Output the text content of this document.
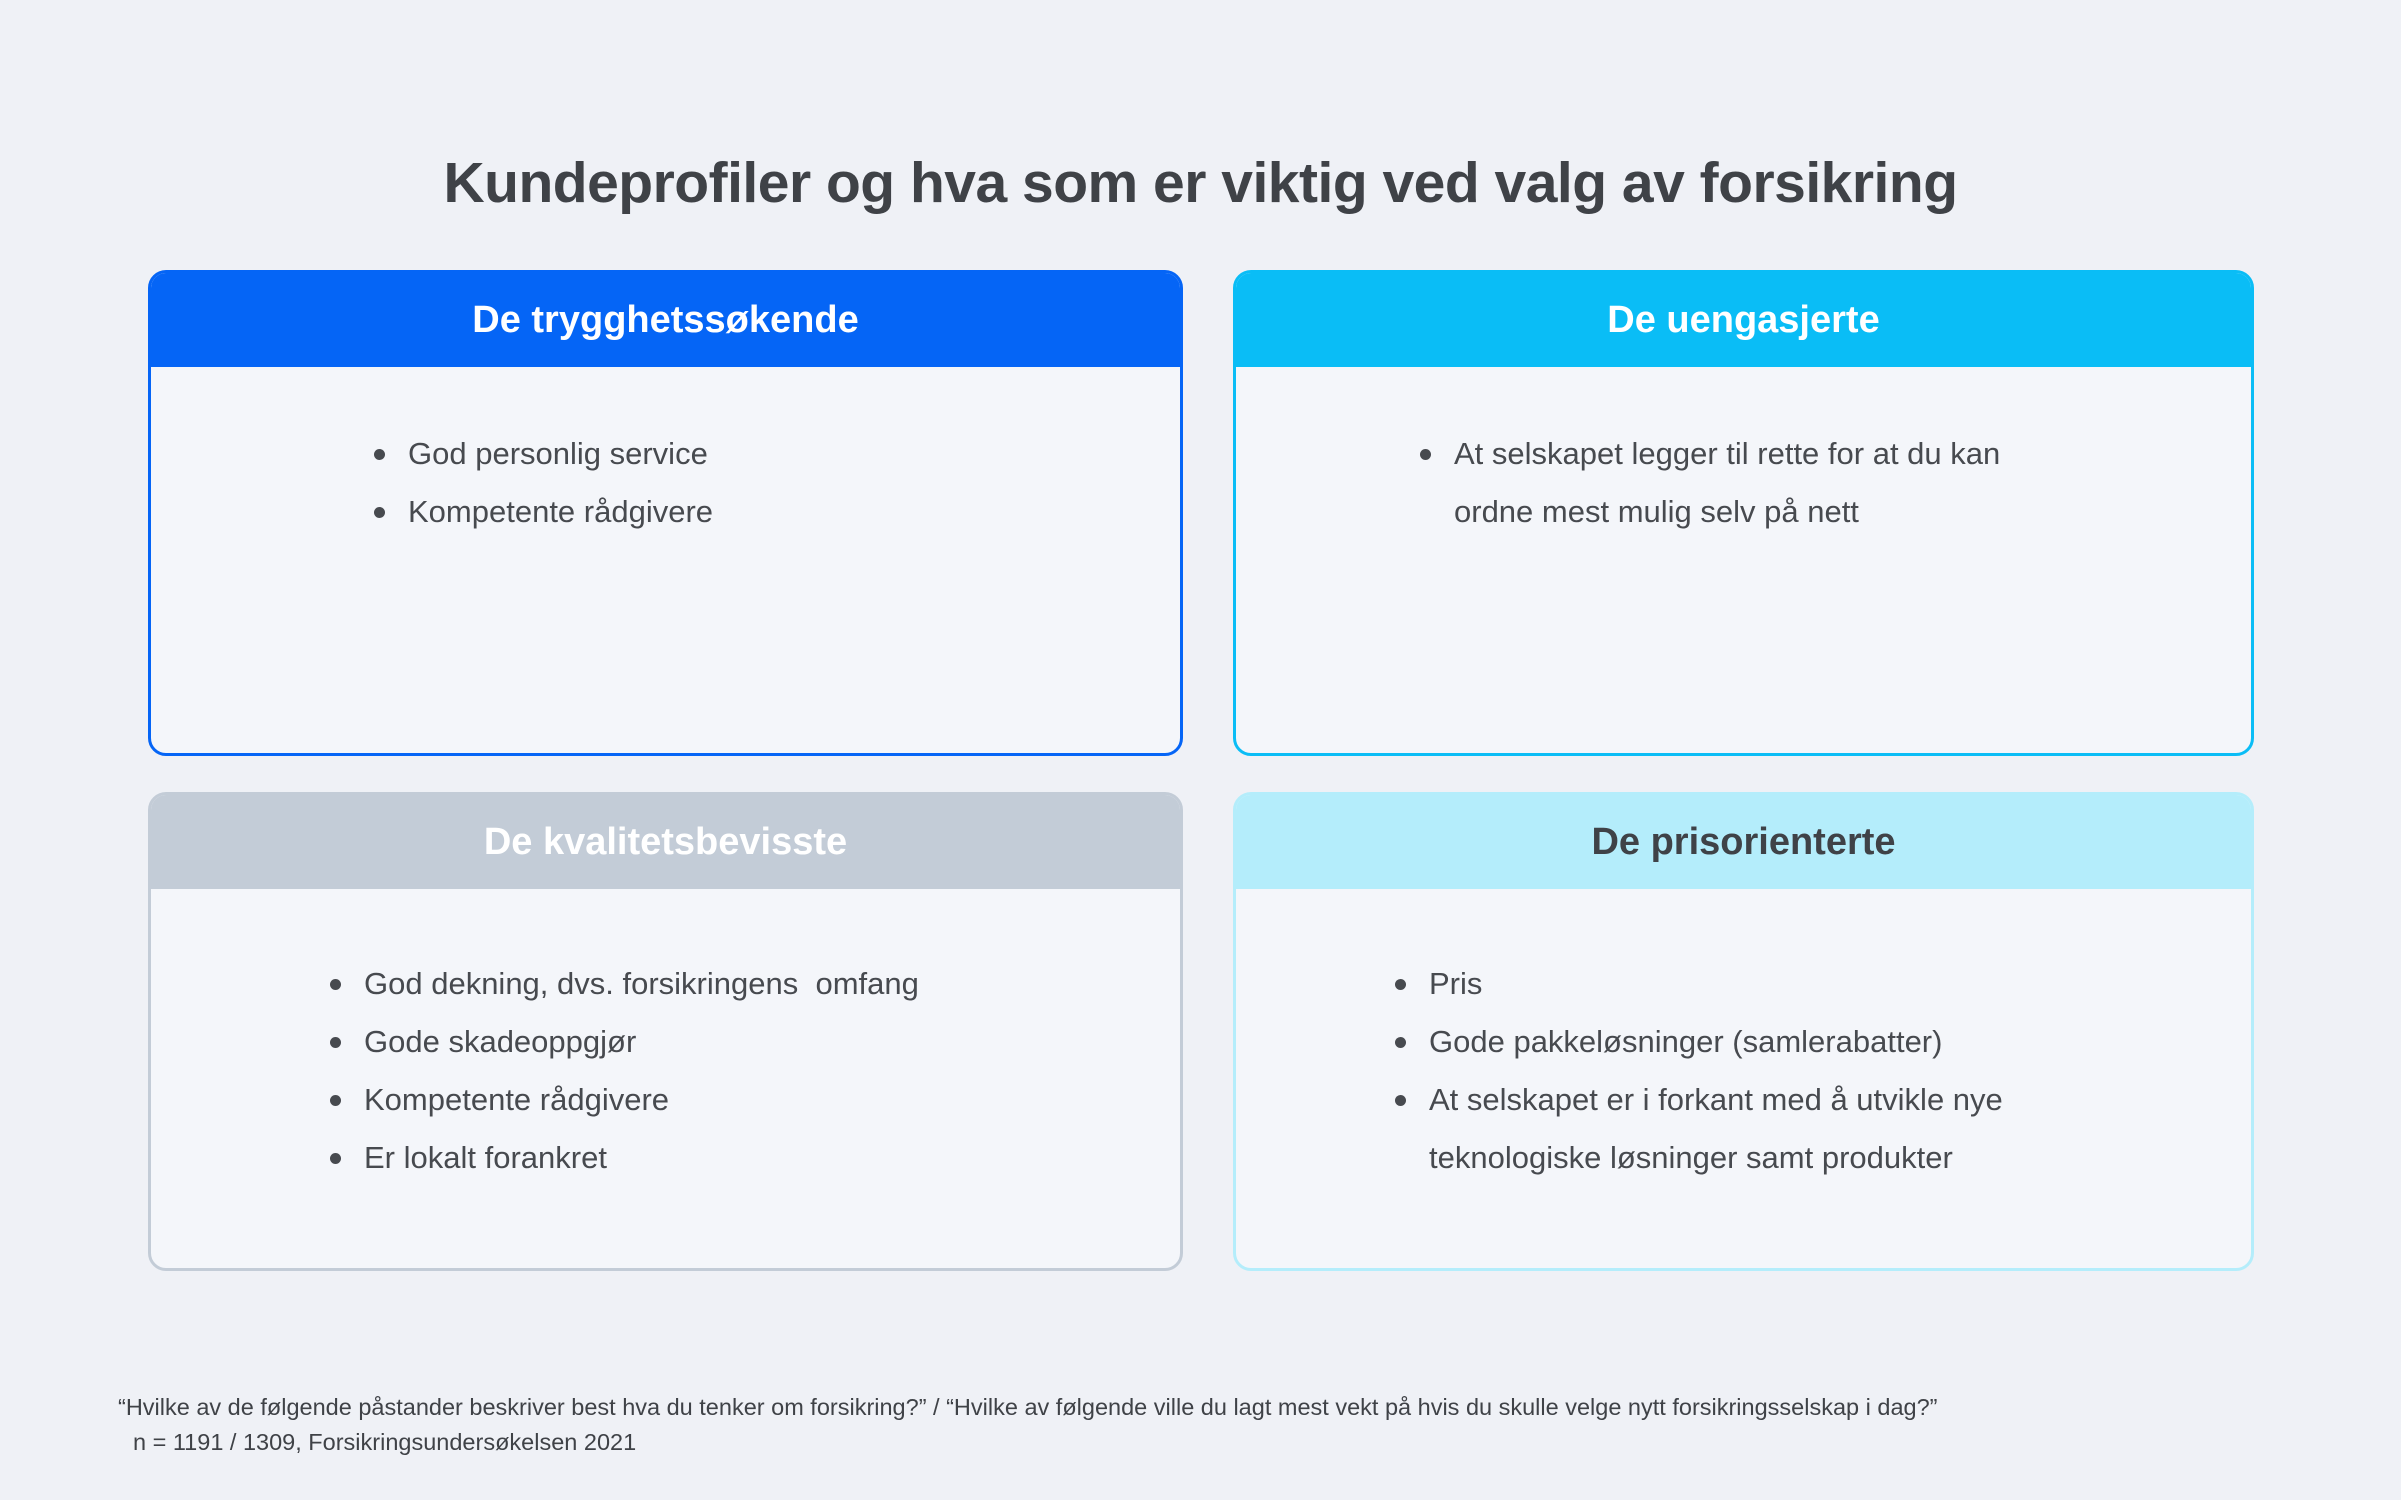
Kundeprofiler og hva som er viktig ved valg av forsikring
De trygghetssøkende
God personlig service
Kompetente rådgivere
De uengasjerte
At selskapet legger til rette for at du kan ordne mest mulig selv på nett
De kvalitetsbevisste
God dekning, dvs. forsikringens  omfang
Gode skadeoppgjør
Kompetente rådgivere
Er lokalt forankret
De prisorienterte
Pris
Gode pakkeløsninger (samlerabatter)
At selskapet er i forkant med å utvikle nye teknologiske løsninger samt produkter
“Hvilke av de følgende påstander beskriver best hva du tenker om forsikring?” / “Hvilke av følgende ville du lagt mest vekt på hvis du skulle velge nytt forsikringsselskap i dag?”
n = 1191 / 1309, Forsikringsundersøkelsen 2021
